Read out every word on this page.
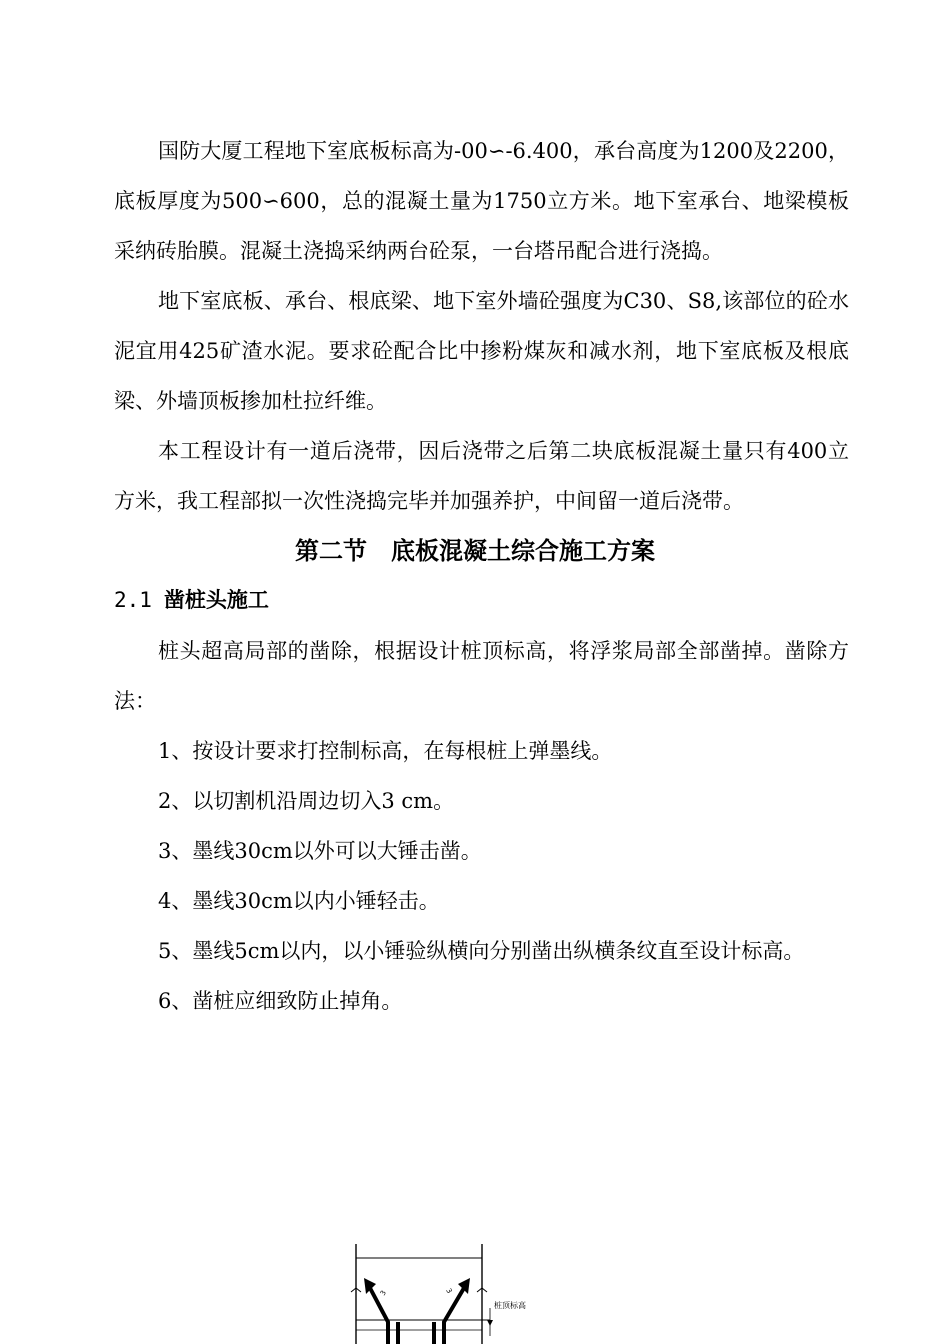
国防大厦工程地下室底板标高为-00∽-6.400，承台高度为1200及2200，底板厚度为500∽600，总的混凝土量为1750立方米。地下室承台、地梁模板采纳砖胎膜。混凝土浇捣采纳两台砼泵，一台塔吊配合进行浇捣。

地下室底板、承台、根底梁、地下室外墙砼强度为C30、S8,该部位的砼水泥宜用425矿渣水泥。要求砼配合比中掺粉煤灰和减水剂，地下室底板及根底梁、外墙顶板掺加杜拉纤维。

本工程设计有一道后浇带，因后浇带之后第二块底板混凝土量只有400立方米，我工程部拟一次性浇捣完毕并加强养护，中间留一道后浇带。

第二节　底板混凝土综合施工方案
2.1 凿桩头施工

桩头超高局部的凿除，根据设计桩顶标高，将浮浆局部全部凿掉。凿除方法：

1、按设计要求打控制标高，在每根桩上弹墨线。
2、以切割机沿周边切入3 cm。
3、墨线30cm以外可以大锤击凿。
4、墨线30cm以内小锤轻击。
5、墨线5cm以内，以小锤验纵横向分别凿出纵横条纹直至设计标高。
6、凿桩应细致防止掉角。
3	3
桩顶标高
